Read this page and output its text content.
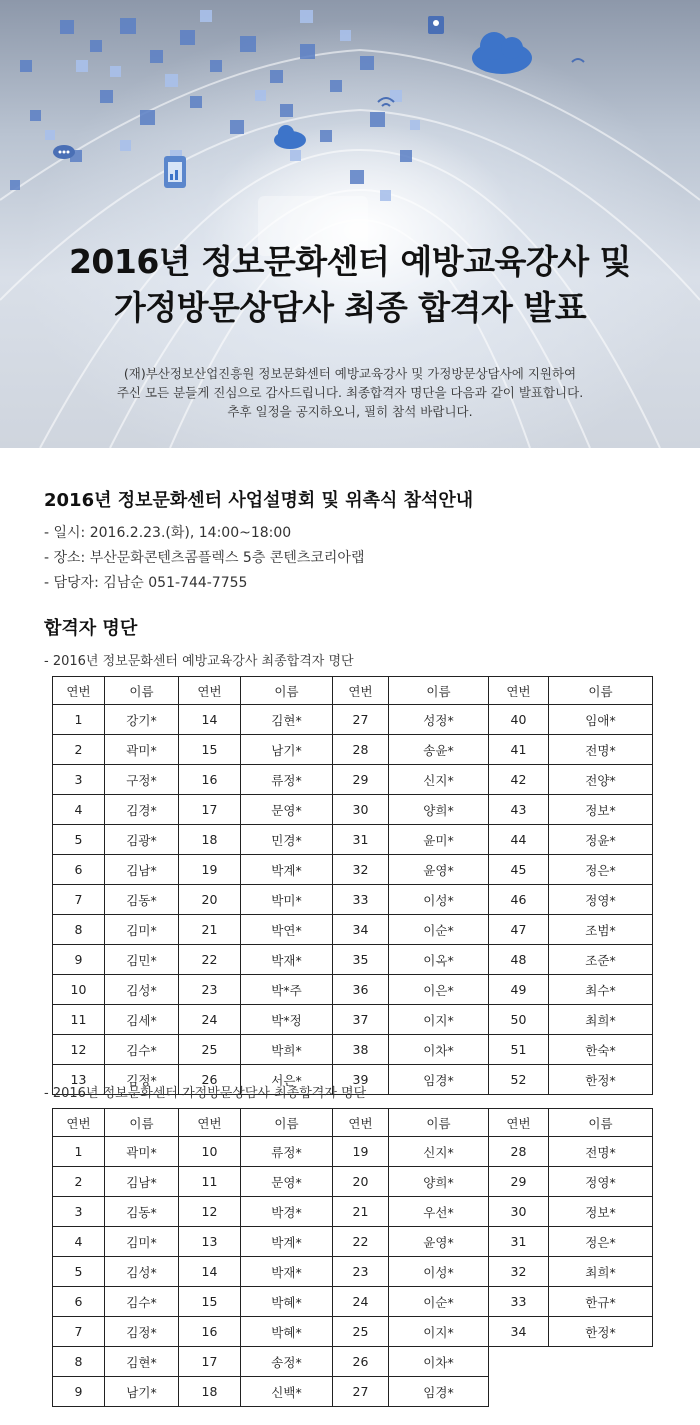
2016년 정보문화센터 예방교육강사 및
가정방문상담사 최종 합격자 발표
(재)부산정보산업진흥원 정보문화센터 예방교육강사 및 가정방문상담사에 지원하여
주신 모든 분들게 진심으로 감사드립니다. 최종합격자 명단을 다음과 같이 발표합니다.
추후 일정을 공지하오니, 필히 참석 바랍니다.
2016년 정보문화센터 사업설명회 및 위촉식 참석안내
- 일시: 2016.2.23.(화), 14:00~18:00
- 장소: 부산문화콘텐츠콤플렉스 5층 콘텐츠코리아랩
- 담당자: 김남순 051-744-7755
합격자 명단
- 2016년 정보문화센터 예방교육강사 최종합격자 명단
연번	이름	연번	이름	연번	이름	연번	이름
1	강기*	14	김현*	27	성정*	40	임애*
2	곽미*	15	남기*	28	송윤*	41	전명*
3	구정*	16	류정*	29	신지*	42	전양*
4	김경*	17	문영*	30	양희*	43	정보*
5	김광*	18	민경*	31	윤미*	44	정윤*
6	김남*	19	박계*	32	윤영*	45	정은*
7	김동*	20	박미*	33	이성*	46	정영*
8	김미*	21	박연*	34	이순*	47	조범*
9	김민*	22	박재*	35	이옥*	48	조준*
10	김성*	23	박*주	36	이은*	49	최수*
11	김세*	24	박*정	37	이지*	50	최희*
12	김수*	25	박희*	38	이차*	51	한숙*
13	김정*	26	서은*	39	임경*	52	한정*
- 2016년 정보문화센터 가정방문상담사 최종합격자 명단
연번	이름	연번	이름	연번	이름	연번	이름
1	곽미*	10	류정*	19	신지*	28	전명*
2	김남*	11	문영*	20	양희*	29	정영*
3	김동*	12	박경*	21	우선*	30	정보*
4	김미*	13	박계*	22	윤영*	31	정은*
5	김성*	14	박재*	23	이성*	32	최희*
6	김수*	15	박혜*	24	이순*	33	한규*
7	김정*	16	박혜*	25	이지*	34	한정*
8	김현*	17	송정*	26	이차*		
9	남기*	18	신백*	27	임경*		
